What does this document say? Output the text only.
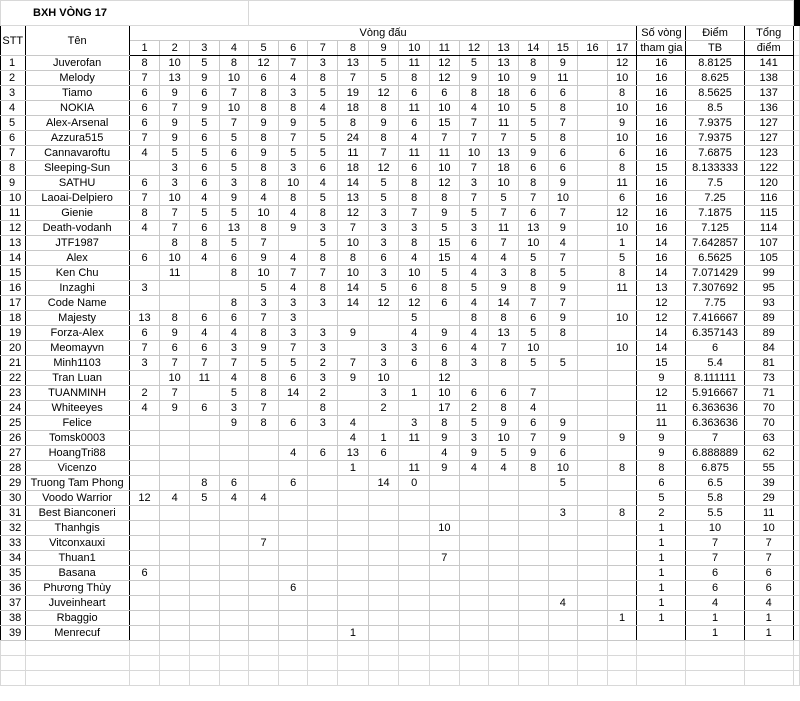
BXH VÒNG 17																						
STT	Tên	Vòng đấu																	Số vòng	Điểm	Tổng	
		1	2	3	4	5	6	7	8	9	10	11	12	13	14	15	16	17	tham gia	TB	điểm	
1	Juverofan	8	10	5	8	12	7	3	13	5	11	12	5	13	8	9		12	16	8.8125	141	
2	Melody	7	13	9	10	6	4	8	7	5	8	12	9	10	9	11		10	16	8.625	138	
3	Tiamo	6	9	6	7	8	3	5	19	12	6	6	8	18	6	6		8	16	8.5625	137	
4	NOKIA	6	7	9	10	8	8	4	18	8	11	10	4	10	5	8		10	16	8.5	136	
5	Alex-Arsenal	6	9	5	7	9	9	5	8	9	6	15	7	11	5	7		9	16	7.9375	127	
6	Azzura515	7	9	6	5	8	7	5	24	8	4	7	7	7	5	8		10	16	7.9375	127	
7	Cannavaroftu	4	5	5	6	9	5	5	11	7	11	11	10	13	9	6		6	16	7.6875	123	
8	Sleeping-Sun		3	6	5	8	3	6	18	12	6	10	7	18	6	6		8	15	8.133333	122	
9	SATHU	6	3	6	3	8	10	4	14	5	8	12	3	10	8	9		11	16	7.5	120	
10	Laoai-Delpiero	7	10	4	9	4	8	5	13	5	8	8	7	5	7	10		6	16	7.25	116	
11	Gienie	8	7	5	5	10	4	8	12	3	7	9	5	7	6	7		12	16	7.1875	115	
12	Death-vodanh	4	7	6	13	8	9	3	7	3	3	5	3	11	13	9		10	16	7.125	114	
13	JTF1987		8	8	5	7		5	10	3	8	15	6	7	10	4		1	14	7.642857	107	
14	Alex	6	10	4	6	9	4	8	8	6	4	15	4	4	5	7		5	16	6.5625	105	
15	Ken Chu		11		8	10	7	7	10	3	10	5	4	3	8	5		8	14	7.071429	99	
16	Inzaghi	3				5	4	8	14	5	6	8	5	9	8	9		11	13	7.307692	95	
17	Code Name				8	3	3	3	14	12	12	6	4	14	7	7			12	7.75	93	
18	Majesty	13	8	6	6	7	3				5		8	8	6	9		10	12	7.416667	89	
19	Forza-Alex	6	9	4	4	8	3	3	9		4	9	4	13	5	8			14	6.357143	89	
20	Meomayvn	7	6	6	3	9	7	3		3	3	6	4	7	10			10	14	6	84	
21	Minh1103	3	7	7	7	5	5	2	7	3	6	8	3	8	5	5			15	5.4	81	
22	Tran Luan		10	11	4	8	6	3	9	10		12							9	8.111111	73	
23	TUANMINH	2	7		5	8	14	2		3	1	10	6	6	7				12	5.916667	71	
24	Whiteeyes	4	9	6	3	7		8		2		17	2	8	4				11	6.363636	70	
25	Felice				9	8	6	3	4		3	8	5	9	6	9			11	6.363636	70	
26	Tomsk0003								4	1	11	9	3	10	7	9		9	9	7	63	
27	HoangTri88						4	6	13	6		4	9	5	9	6			9	6.888889	62	
28	Vicenzo								1		11	9	4	4	8	10		8	8	6.875	55	
29	Truong Tam Phong			8	6		6			14	0					5			6	6.5	39	
30	Voodo Warrior	12	4	5	4	4													5	5.8	29	
31	Best Bianconeri															3		8	2	5.5	11	
32	Thanhgis											10							1	10	10	
33	Vitconxauxi					7													1	7	7	
34	Thuan1											7							1	7	7	
35	Basana	6																	1	6	6	
36	Phương Thùy						6												1	6	6	
37	Juveinheart															4			1	4	4	
38	Rbaggio																	1	1	1	1	
39	Menrecuf								1											1	1	
